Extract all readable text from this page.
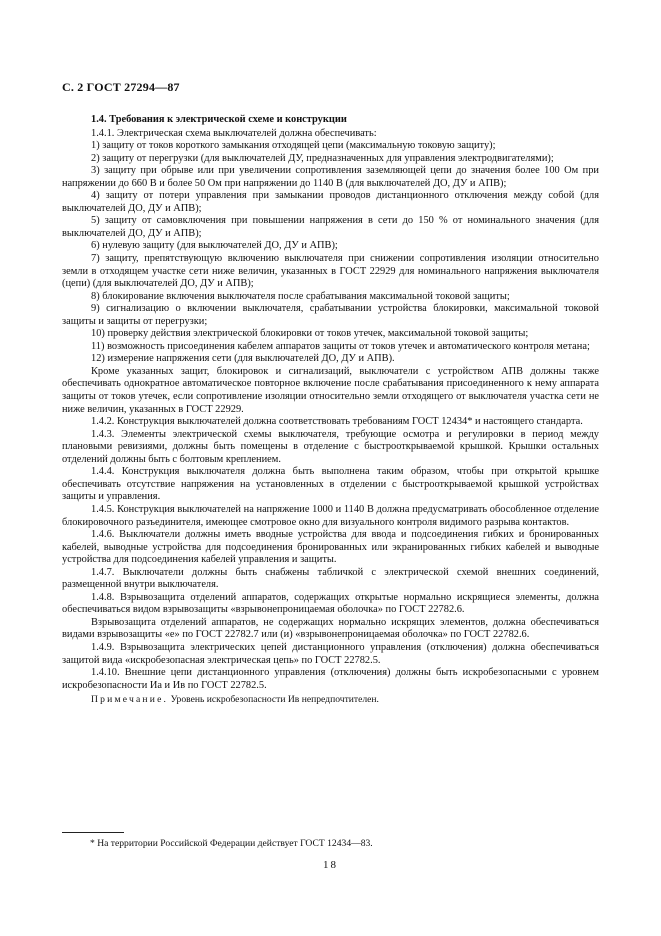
С. 2 ГОСТ 27294—87

1.4. Требования к электрической схеме и конструкции

1.4.1. Электрическая схема выключателей должна обеспечивать:

1) защиту от токов короткого замыкания отходящей цепи (максимальную токовую защиту);

2) защиту от перегрузки (для выключателей ДУ, предназначенных для управления электродвигателями);

3) защиту при обрыве или при увеличении сопротивления заземляющей цепи до значения более 100 Ом при напряжении до 660 В и более 50 Ом при напряжении до 1140 В (для выключателей ДО, ДУ и АПВ);

4) защиту от потери управления при замыкании проводов дистанционного отключения между собой (для выключателей ДО, ДУ и АПВ);

5) защиту от самовключения при повышении напряжения в сети до 150 % от номинального значения (для выключателей ДО, ДУ и АПВ);

6) нулевую защиту (для выключателей ДО, ДУ и АПВ);

7) защиту, препятствующую включению выключателя при снижении сопротивления изоляции относительно земли в отходящем участке сети ниже величин, указанных в ГОСТ 22929 для номинального напряжения выключателя (цепи) (для выключателей ДО, ДУ и АПВ);

8) блокирование включения выключателя после срабатывания максимальной токовой защиты;

9) сигнализацию о включении выключателя, срабатывании устройства блокировки, максимальной токовой защиты и защиты от перегрузки;

10) проверку действия электрической блокировки от токов утечек, максимальной токовой защиты;

11) возможность присоединения кабелем аппаратов защиты от токов утечек и автоматического контроля метана;

12) измерение напряжения сети (для выключателей ДО, ДУ и АПВ).

Кроме указанных защит, блокировок и сигнализаций, выключатели с устройством АПВ должны также обеспечивать однократное автоматическое повторное включение после срабатывания присоединенного к нему аппарата защиты от токов утечек, если сопротивление изоляции относительно земли отходящего от выключателя участка сети не ниже величин, указанных в ГОСТ 22929.

1.4.2. Конструкция выключателей должна соответствовать требованиям ГОСТ 12434* и настоящего стандарта.

1.4.3. Элементы электрической схемы выключателя, требующие осмотра и регулировки в период между плановыми ревизиями, должны быть помещены в отделение с быстрооткрываемой крышкой. Крышки остальных отделений должны быть с болтовым креплением.

1.4.4. Конструкция выключателя должна быть выполнена таким образом, чтобы при открытой крышке обеспечивать отсутствие напряжения на установленных в отделении с быстрооткрываемой крышкой устройствах защиты и управления.

1.4.5. Конструкция выключателей на напряжение 1000 и 1140 В должна предусматривать обособленное отделение блокировочного разъединителя, имеющее смотровое окно для визуального контроля видимого разрыва контактов.

1.4.6. Выключатели должны иметь вводные устройства для ввода и подсоединения гибких и бронированных кабелей, выводные устройства для подсоединения бронированных или экранированных гибких кабелей и выводные устройства для подсоединения кабелей управления и защиты.

1.4.7. Выключатели должны быть снабжены табличкой с электрической схемой внешних соединений, размещенной внутри выключателя.

1.4.8. Взрывозащита отделений аппаратов, содержащих открытые нормально искрящиеся элементы, должна обеспечиваться видом взрывозащиты «взрывонепроницаемая оболочка» по ГОСТ 22782.6.

Взрывозащита отделений аппаратов, не содержащих нормально искрящих элементов, должна обеспечиваться видами взрывозащиты «е» по ГОСТ 22782.7 или (и) «взрывонепроницаемая оболочка» по ГОСТ 22782.6.

1.4.9. Взрывозащита электрических цепей дистанционного управления (отключения) должна обеспечиваться защитой вида «искробезопасная электрическая цепь» по ГОСТ 22782.5.

1.4.10. Внешние цепи дистанционного управления (отключения) должны быть искробезопасными с уровнем искробезопасности Иа и Ив по ГОСТ 22782.5.

Примечание. Уровень искробезопасности Ив непредпочтителен.

* На территории Российской Федерации действует ГОСТ 12434—83.
18
